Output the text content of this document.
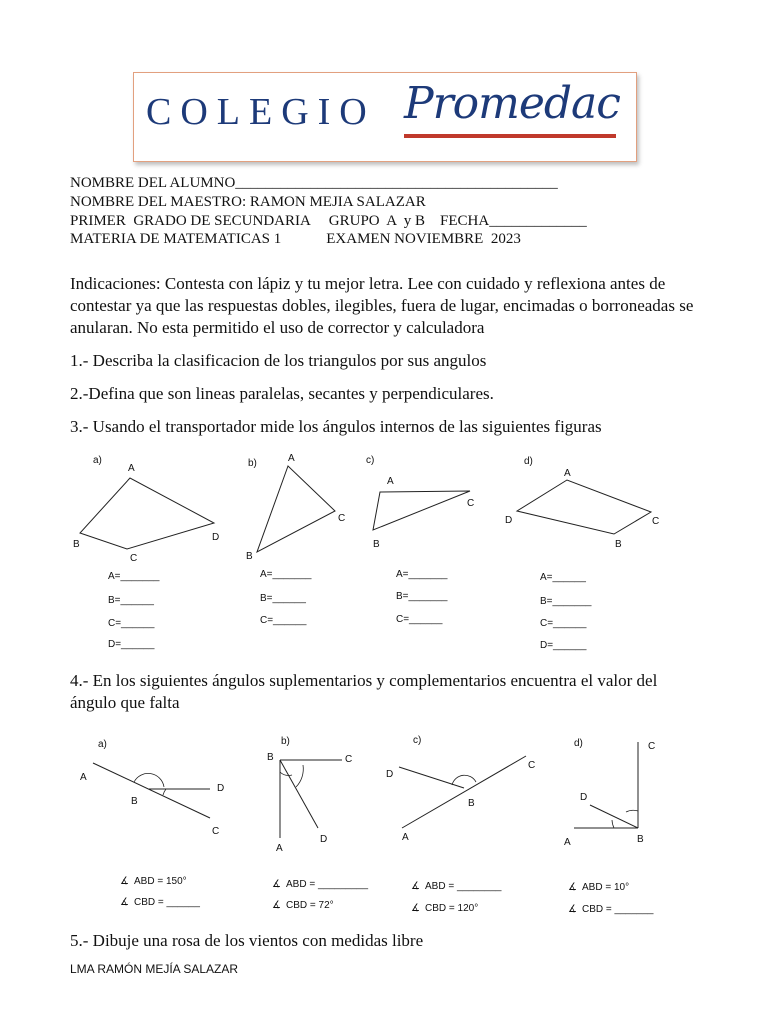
COLEGIO Promedac
NOMBRE DEL ALUMNO___________________________________________
NOMBRE DEL MAESTRO: RAMON MEJIA SALAZAR
PRIMER  GRADO DE SECUNDARIA     GRUPO  A  y B    FECHA_____________
MATERIA DE MATEMATICAS 1            EXAMEN NOVIEMBRE  2023
Indicaciones: Contesta con lápiz y tu mejor letra. Lee con cuidado y reflexiona antes de contestar ya que las respuestas dobles, ilegibles, fuera de lugar, encimadas o borroneadas se anularan. No esta permitido el uso de corrector y calculadora
1.- Describa la clasificacion de los triangulos por sus angulos
2.-Defina que son lineas paralelas, secantes y perpendiculares.
3.- Usando el transportador mide los ángulos internos de las siguientes figuras
a)
A
B
C
D
A=_______
B=______
C=______
D=______
b)	A
B
C
A=_______
B=______
C=______
c)
A
B
C
A=_______
B=_______
C=______
d)
A
B
C
D
A=______
B=_______
C=______
D=______
4.- En los siguientes ángulos suplementarios y complementarios encuentra el valor del
ángulo que falta
a)
A
B
C
D
∡ ABD = 150°
∡ CBD = ______
b)
A
B	C
D
∡ ABD = _________
∡ CBD = 72°
c)
A
B
C
D
∡ ABD = ________
∡ CBD = 120°
d)
A	B
C
D
∡ ABD = 10°
∡ CBD = _______
5.- Dibuje una rosa de los vientos con medidas libre
LMA RAMÓN MEJÍA SALAZAR
